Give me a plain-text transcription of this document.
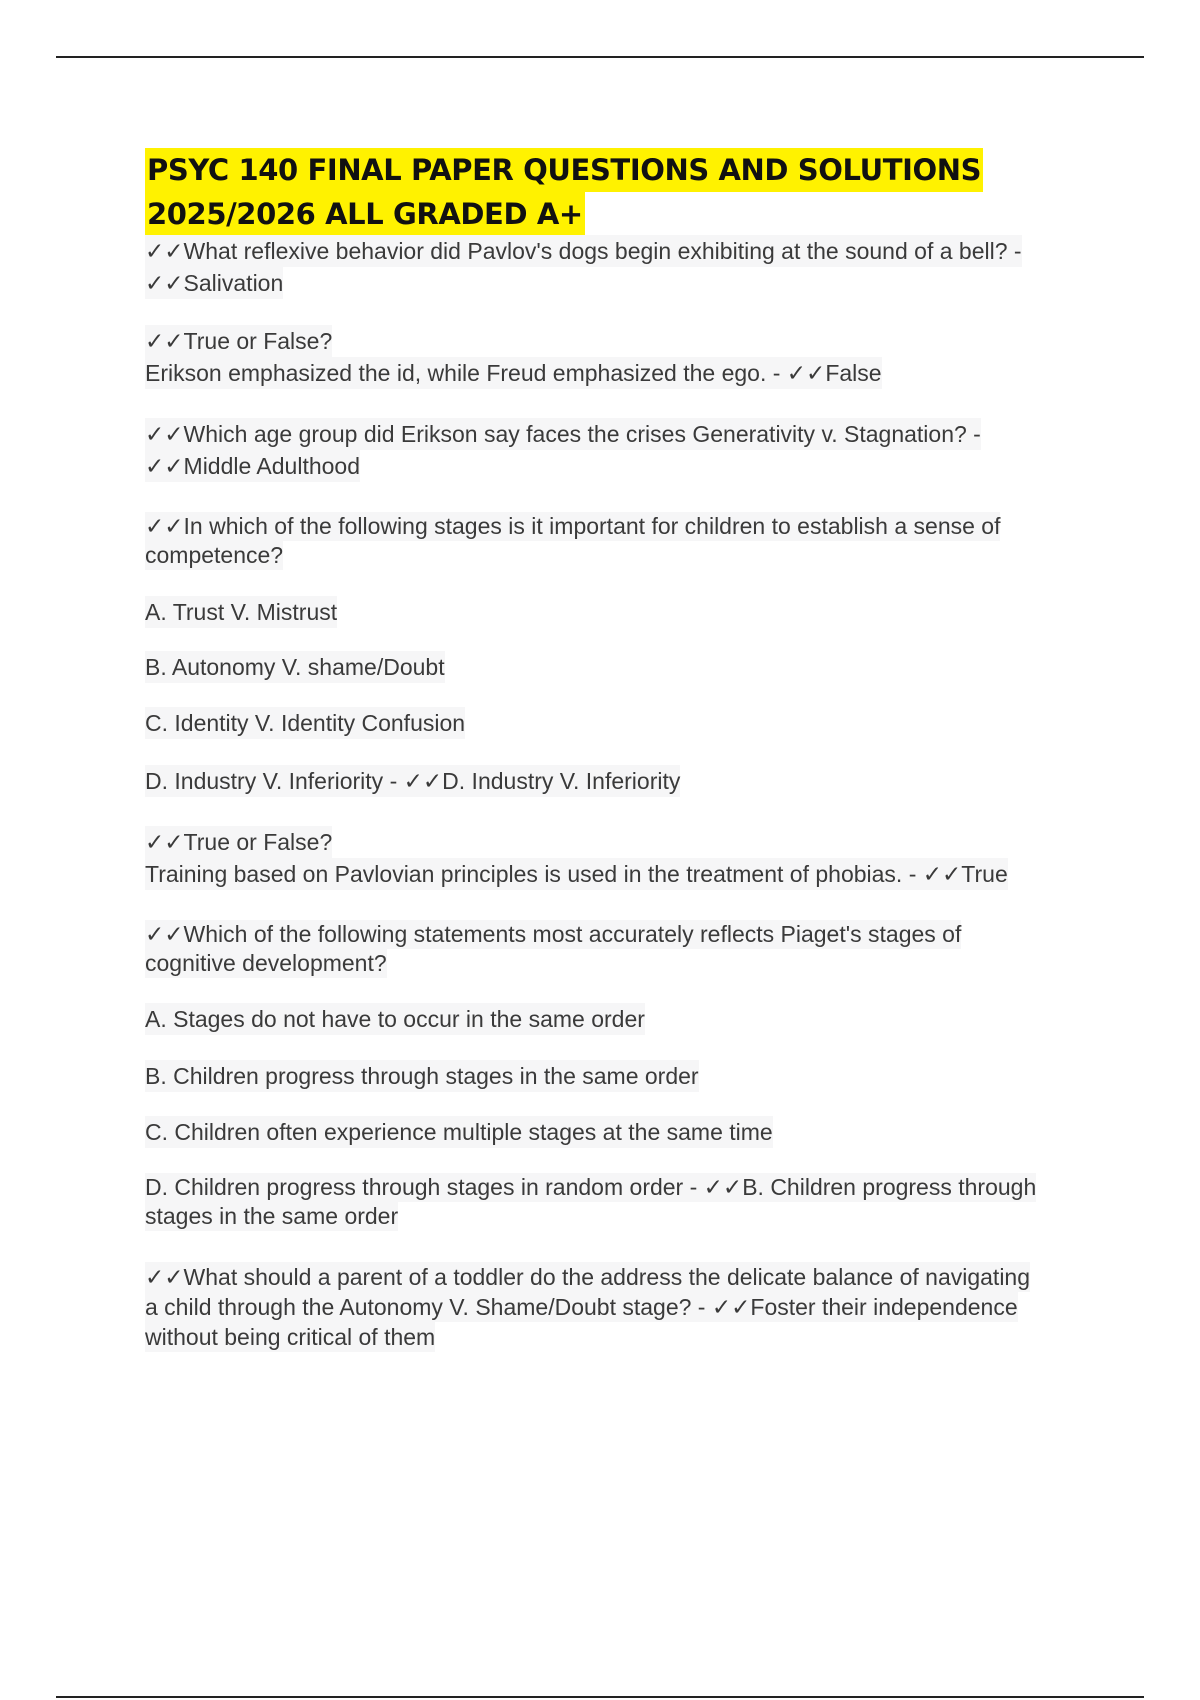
PSYC 140 FINAL PAPER QUESTIONS AND SOLUTIONS
2025/2026 ALL GRADED A+

✓✓What reflexive behavior did Pavlov's dogs begin exhibiting at the sound of a bell? -

✓✓Salivation

✓✓True or False?

Erikson emphasized the id, while Freud emphasized the ego. - ✓✓False

✓✓Which age group did Erikson say faces the crises Generativity v. Stagnation? -

✓✓Middle Adulthood

✓✓In which of the following stages is it important for children to establish a sense of

competence?

A. Trust V. Mistrust

B. Autonomy V. shame/Doubt

C. Identity V. Identity Confusion

D. Industry V. Inferiority - ✓✓D. Industry V. Inferiority

✓✓True or False?

Training based on Pavlovian principles is used in the treatment of phobias. - ✓✓True

✓✓Which of the following statements most accurately reflects Piaget's stages of

cognitive development?

A. Stages do not have to occur in the same order

B. Children progress through stages in the same order

C. Children often experience multiple stages at the same time

D. Children progress through stages in random order - ✓✓B. Children progress through

stages in the same order

✓✓What should a parent of a toddler do the address the delicate balance of navigating

a child through the Autonomy V. Shame/Doubt stage? - ✓✓Foster their independence

without being critical of them
